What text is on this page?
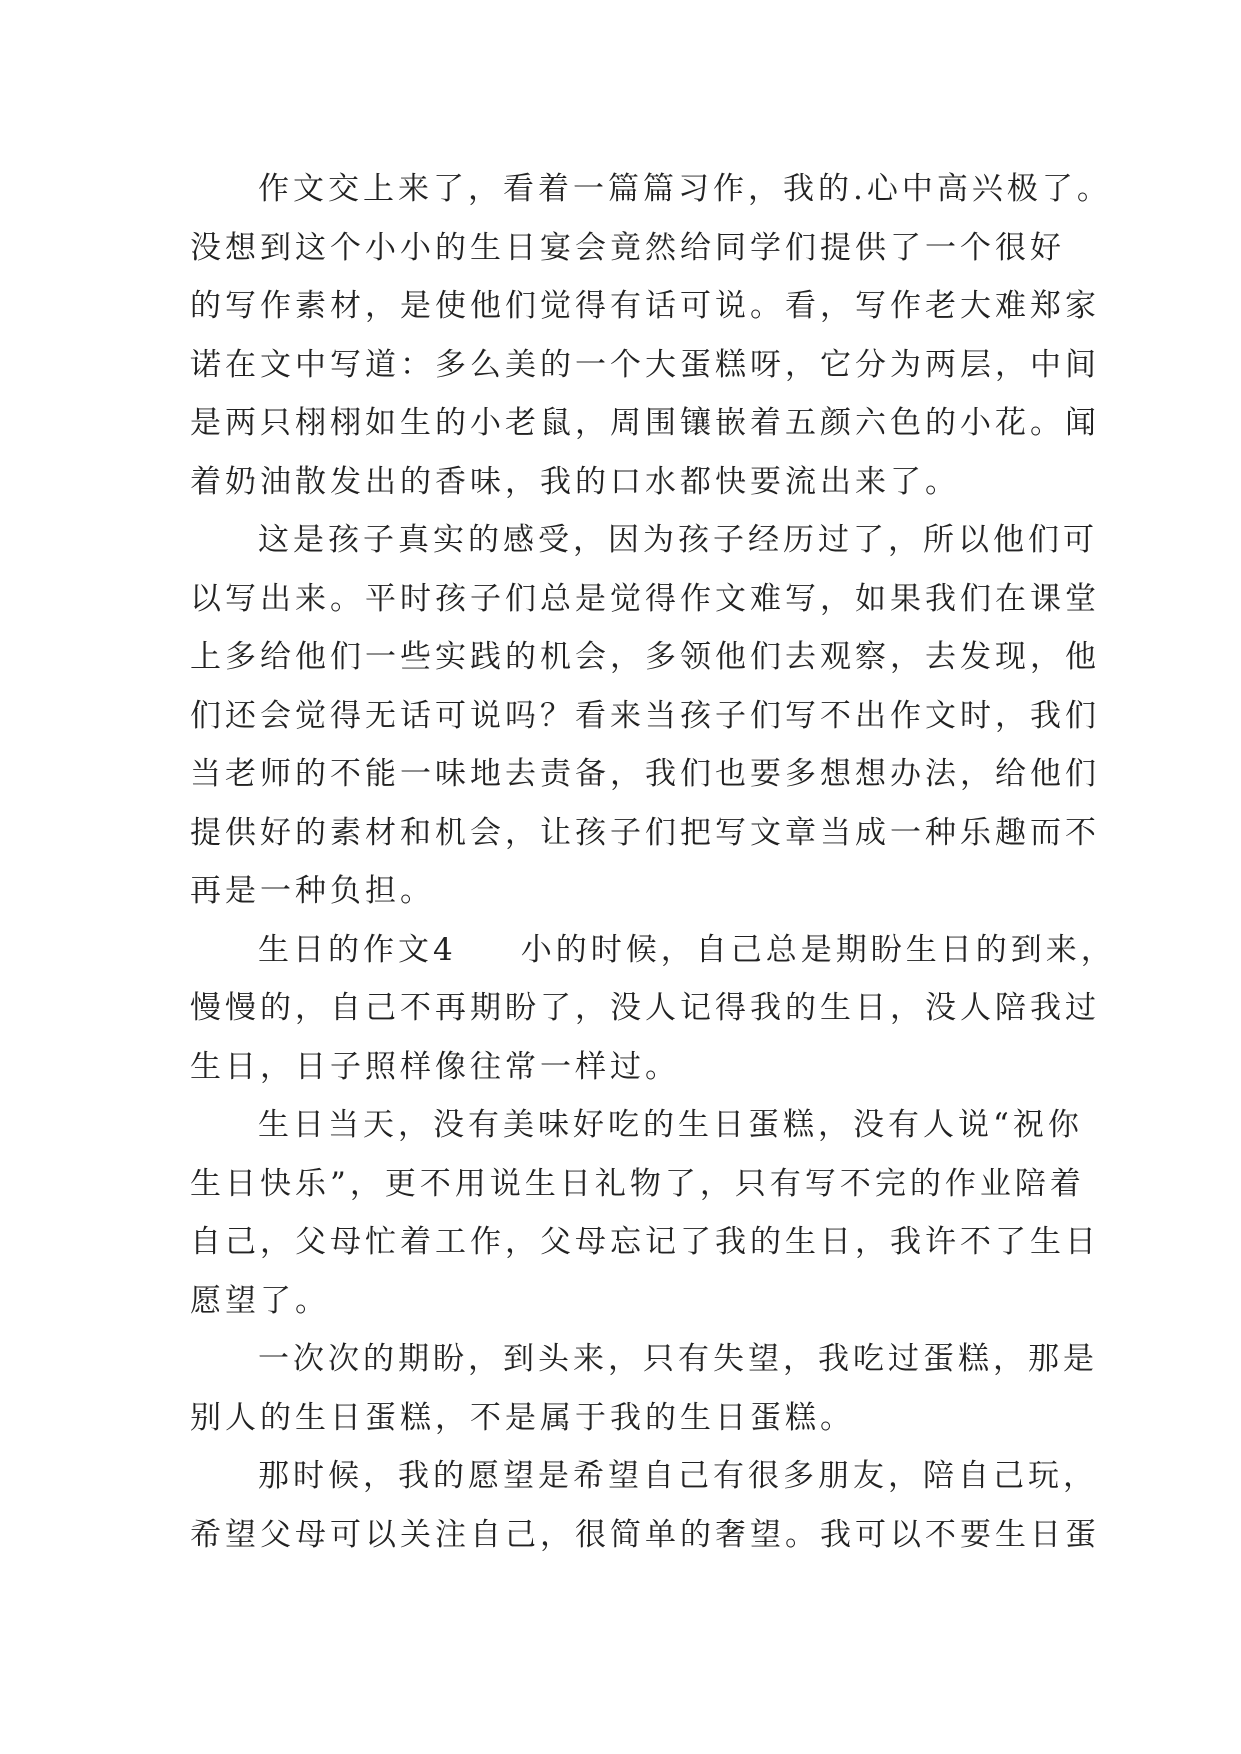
作文交上来了，看着一篇篇习作，我的.心中高兴极了。
没想到这个小小的生日宴会竟然给同学们提供了一个很好
的写作素材，是使他们觉得有话可说。看，写作老大难郑家
诺在文中写道：多么美的一个大蛋糕呀，它分为两层，中间
是两只栩栩如生的小老鼠，周围镶嵌着五颜六色的小花。闻
着奶油散发出的香味，我的口水都快要流出来了。
这是孩子真实的感受，因为孩子经历过了，所以他们可
以写出来。平时孩子们总是觉得作文难写，如果我们在课堂
上多给他们一些实践的机会，多领他们去观察，去发现，他
们还会觉得无话可说吗？看来当孩子们写不出作文时，我们
当老师的不能一味地去责备，我们也要多想想办法，给他们
提供好的素材和机会，让孩子们把写文章当成一种乐趣而不
再是一种负担。
生日的作文4 小的时候，自己总是期盼生日的到来，
慢慢的，自己不再期盼了，没人记得我的生日，没人陪我过
生日，日子照样像往常一样过。
生日当天，没有美味好吃的生日蛋糕，没有人说“祝你
生日快乐”，更不用说生日礼物了，只有写不完的作业陪着
自己，父母忙着工作，父母忘记了我的生日，我许不了生日
愿望了。
一次次的期盼，到头来，只有失望，我吃过蛋糕，那是
别人的生日蛋糕，不是属于我的生日蛋糕。
那时候，我的愿望是希望自己有很多朋友，陪自己玩，
希望父母可以关注自己，很简单的奢望。我可以不要生日蛋
